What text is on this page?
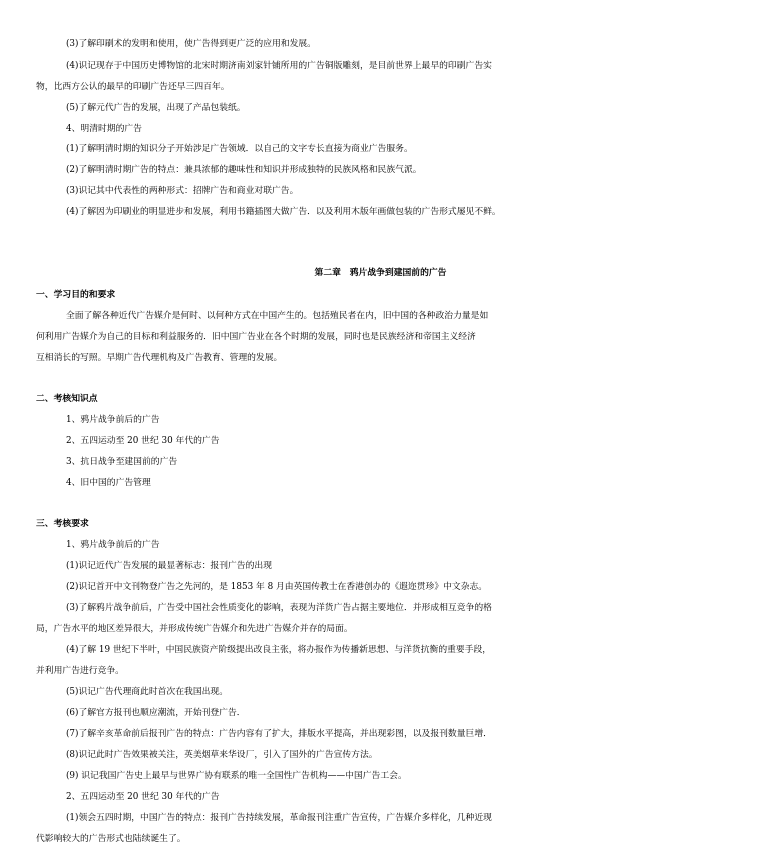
(3)了解印刷术的发明和使用，使广告得到更广泛的应用和发展。
(4)识记现存于中国历史博物馆的北宋时期济南刘家针铺所用的广告铜版雕刻，是目前世界上最早的印刷广告实
物，比西方公认的最早的印刷广告还早三四百年。
(5)了解元代广告的发展，出现了产品包装纸。
4、明清时期的广告
(1)了解明清时期的知识分子开始涉足广告领域．以自己的文字专长直接为商业广告服务。
(2)了解明清时期广告的特点：兼具浓郁的趣味性和知识并形成独特的民族风格和民族气派。
(3)识记其中代表性的两种形式：招牌广告和商业对联广告。
(4)了解因为印刷业的明显进步和发展，利用书籍插图大做广告．以及利用木版年画做包装的广告形式屡见不鲜。
第二章　鸦片战争到建国前的广告
一、学习目的和要求
全面了解各种近代广告媒介是何时、以何种方式在中国产生的。包括殖民者在内，旧中国的各种政治力量是如
何利用广告媒介为自己的目标和利益服务的．旧中国广告业在各个时期的发展，同时也是民族经济和帝国主义经济
互相消长的写照。早期广告代理机构及广告教育、管理的发展。
二、考核知识点
1、鸦片战争前后的广告
2、五四运动至 20 世纪 30 年代的广告
3、抗日战争至建国前的广告
4、旧中国的广告管理
三、考核要求
1、鸦片战争前后的广告
(1)识记近代广告发展的最显著标志：报刊广告的出现
(2)识记首开中文刊物登广告之先河的，是 1853 年 8 月由英国传教士在香港创办的《遐迩贯珍》中文杂志。
(3)了解鸦片战争前后，广告受中国社会性质变化的影响，表现为洋货广告占据主要地位．并形成相互竞争的格
局，广告水平的地区差异很大，并形成传统广告媒介和先进广告媒介并存的局面。
(4)了解 19 世纪下半叶，中国民族资产阶级提出改良主张，将办报作为传播新思想、与洋货抗衡的重要手段，
并利用广告进行竞争。
(5)识记广告代理商此时首次在我国出现。
(6)了解官方报刊也顺应潮流，开始刊登广告．
(7)了解辛亥革命前后报刊广告的特点：广告内容有了扩大，排版水平提高，并出现彩图，以及报刊数量巨增．
(8)识记此时广告效果被关注，英美烟草来华设厂，引入了国外的广告宣传方法。
(9) 识记我国广告史上最早与世界广协有联系的唯一全国性广告机构——中国广告工会。
2、五四运动至 20 世纪 30 年代的广告
(1)领会五四时期，中国广告的特点：报刊广告持续发展，革命报刊注重广告宣传，广告媒介多样化，几种近现
代影响较大的广告形式也陆续诞生了。
